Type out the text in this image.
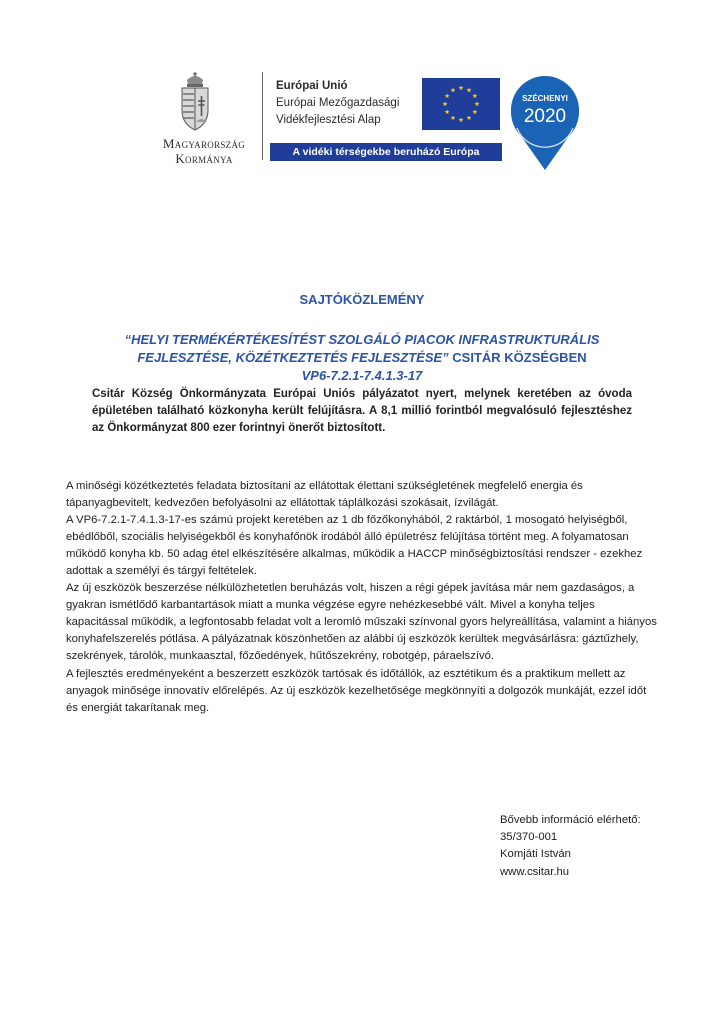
Magyarország
Kormánya
Európai Unió
Európai Mezőgazdasági
Vidékfejlesztési Alap
A vidéki térségekbe beruházó Európa
SZÉCHENYI
2020
SAJTÓKÖZLEMÉNY
“HELYI TERMÉKÉRTÉKESÍTÉST SZOLGÁLÓ PIACOK INFRASTRUKTURÁLIS FEJLESZTÉSE, KÖZÉTKEZTETÉS FEJLESZTÉSE” CSITÁR KÖZSÉGBEN
VP6-7.2.1-7.4.1.3-17
Csitár Község Önkormányzata Európai Uniós pályázatot nyert, melynek keretében az óvoda épületében található közkonyha került felújításra. A 8,1 millió forintból megvalósuló fejlesztéshez az Önkormányzat 800 ezer forintnyi önerőt biztosított.

A minőségi közétkeztetés feladata biztosítani az ellátottak élettani szükségletének megfelelő energia és tápanyagbevitelt, kedvezően befolyásolni az ellátottak táplálkozási szokásait, ízvilágát.

A VP6-7.2.1-7.4.1.3-17-es számú projekt keretében az 1 db főzőkonyhából, 2 raktárból, 1 mosogató helyiségből, ebédlőből, szociális helyiségekből és konyhafőnök irodából álló épületrész felújítása történt meg. A folyamatosan működő konyha kb. 50 adag étel elkészítésére alkalmas, működik a HACCP minőségbiztosítási rendszer - ezekhez adottak a személyi és tárgyi feltételek.

Az új eszközök beszerzése nélkülözhetetlen beruházás volt, hiszen a régi gépek javítása már nem gazdaságos, a gyakran ismétlődő karbantartások miatt a munka végzése egyre nehézkesebbé vált. Mivel a konyha teljes kapacitással működik, a legfontosabb feladat volt a leromló műszaki színvonal gyors helyreállítása, valamint a hiányos konyhafelszerelés pótlása. A pályázatnak köszönhetően az alábbi új eszközök kerültek megvásárlásra: gáztűzhely, szekrények, tárolók, munkaasztal, főzőedények, hűtőszekrény, robotgép, páraelszívó.

A fejlesztés eredményeként a beszerzett eszközök tartósak és időtállók, az esztétikum és a praktikum mellett az anyagok minősége innovatív előrelépés. Az új eszközök kezelhetősége megkönnyíti a dolgozók munkáját, ezzel időt és energiát takarítanak meg.

Bővebb információ elérhető:
35/370-001
Komjáti István
www.csitar.hu
